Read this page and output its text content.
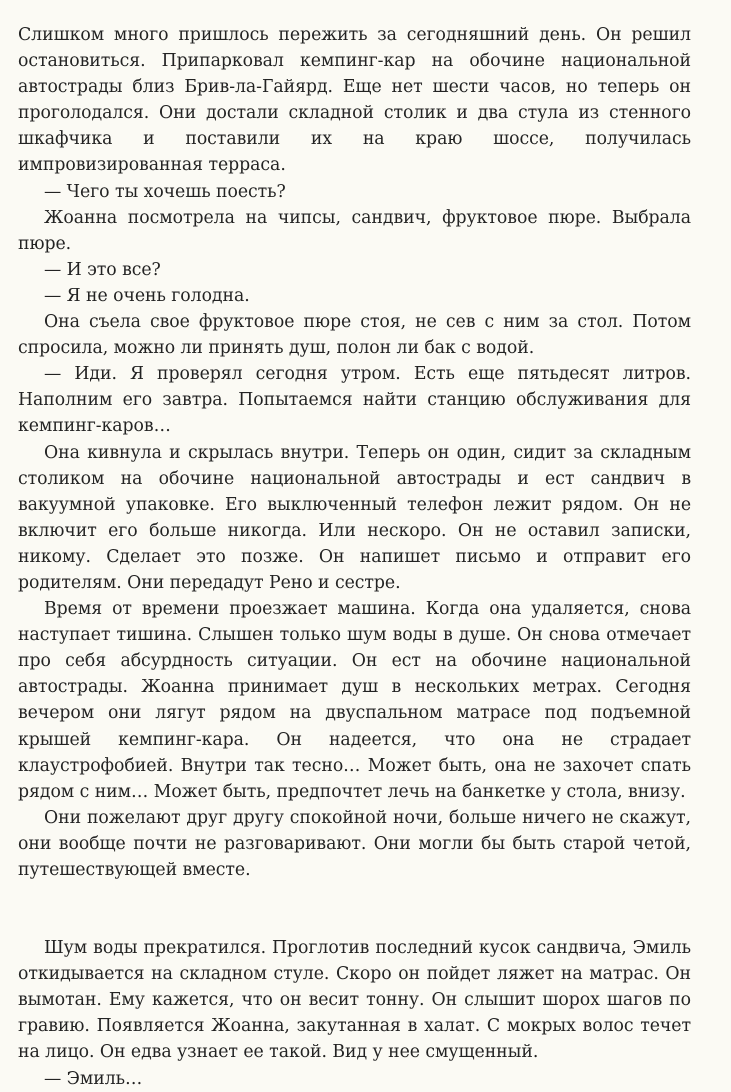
Слишком много пришлось пережить за сегодняшний день. Он решил остановиться. Припарковал кемпинг-кар на обочине национальной автострады близ Брив-ла-Гайярд. Еще нет шести часов, но теперь он проголодался. Они достали складной столик и два стула из стенного шкафчика и поставили их на краю шоссе, получилась импровизированная терраса.

— Чего ты хочешь поесть?

Жоанна посмотрела на чипсы, сандвич, фруктовое пюре. Выбрала пюре.

— И это все?

— Я не очень голодна.

Она съела свое фруктовое пюре стоя, не сев с ним за стол. Потом спросила, можно ли принять душ, полон ли бак с водой.

— Иди. Я проверял сегодня утром. Есть еще пятьдесят литров. Наполним его завтра. Попытаемся найти станцию обслуживания для кемпинг-каров…

Она кивнула и скрылась внутри. Теперь он один, сидит за складным столиком на обочине национальной автострады и ест сандвич в вакуумной упаковке. Его выключенный телефон лежит рядом. Он не включит его больше никогда. Или нескоро. Он не оставил записки, никому. Сделает это позже. Он напишет письмо и отправит его родителям. Они передадут Рено и сестре.

Время от времени проезжает машина. Когда она удаляется, снова наступает тишина. Слышен только шум воды в душе. Он снова отмечает про себя абсурдность ситуации. Он ест на обочине национальной автострады. Жоанна принимает душ в нескольких метрах. Сегодня вечером они лягут рядом на двуспальном матрасе под подъемной крышей кемпинг-кара. Он надеется, что она не страдает клаустрофобией. Внутри так тесно… Может быть, она не захочет спать рядом с ним… Может быть, предпочтет лечь на банкетке у стола, внизу.

Они пожелают друг другу спокойной ночи, больше ничего не скажут, они вообще почти не разговаривают. Они могли бы быть старой четой, путешествующей вместе.

Шум воды прекратился. Проглотив последний кусок сандвича, Эмиль откидывается на складном стуле. Скоро он пойдет ляжет на матрас. Он вымотан. Ему кажется, что он весит тонну. Он слышит шорох шагов по гравию. Появляется Жоанна, закутанная в халат. С мокрых волос течет на лицо. Он едва узнает ее такой. Вид у нее смущенный.

— Эмиль…
